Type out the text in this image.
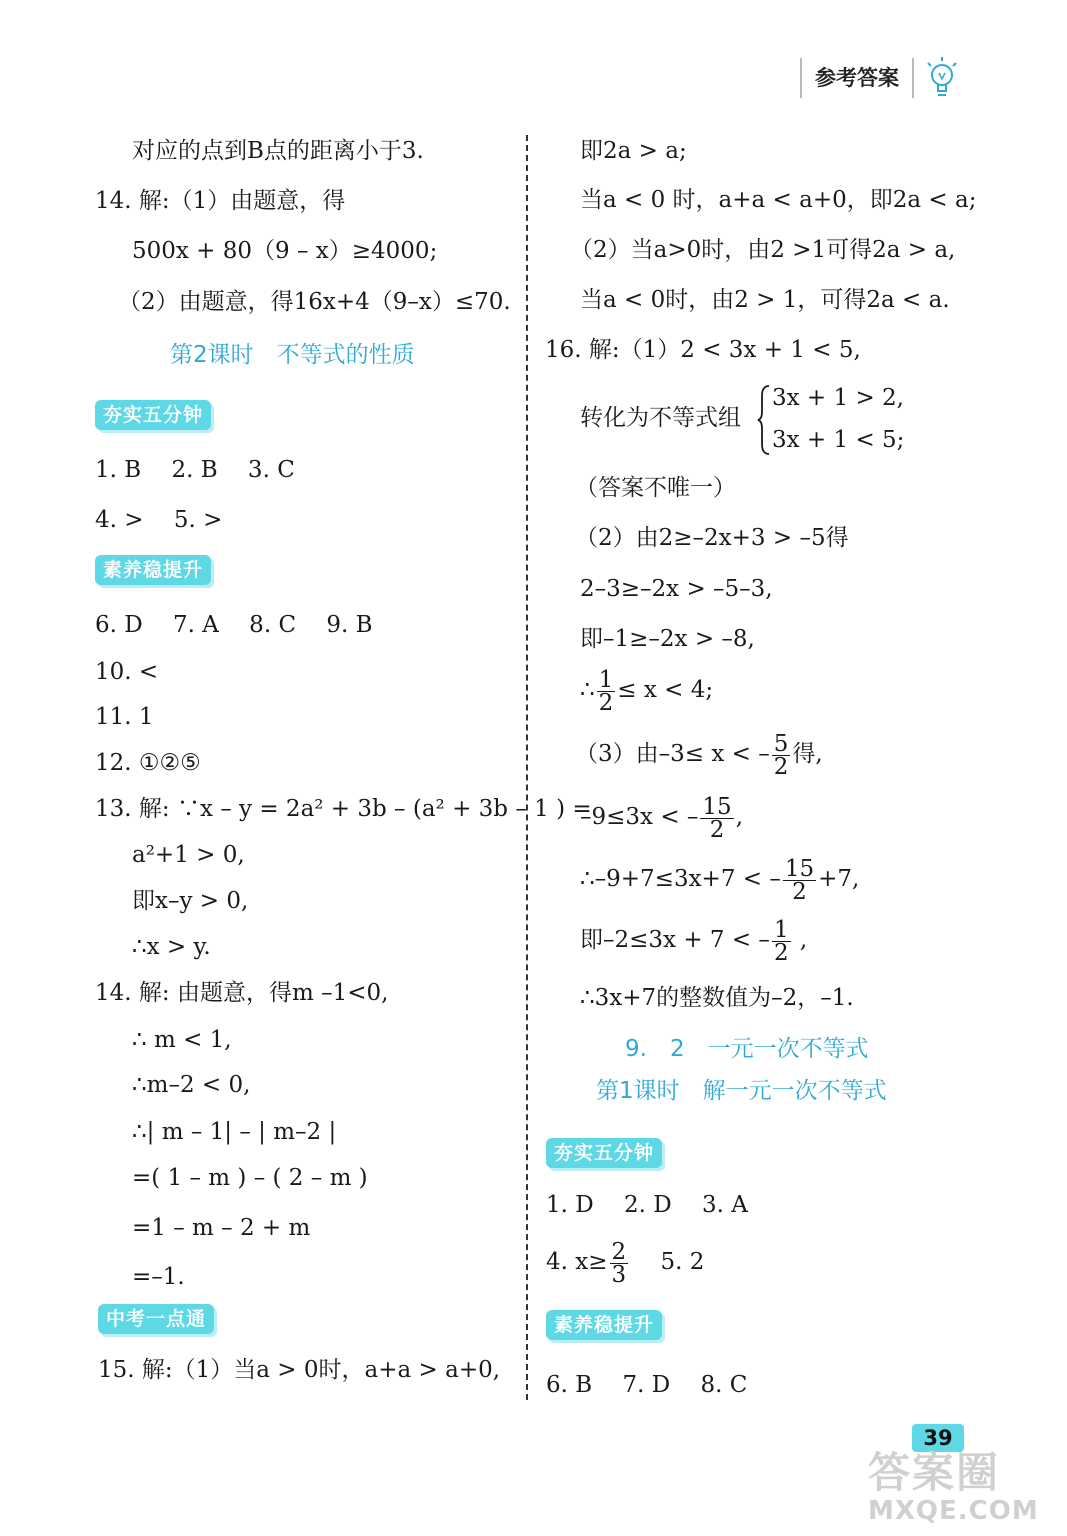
参考答案
对应的点到B点的距离小于3.
14. 解:（1）由题意，得
500x + 80（9 – x）≥4000;
（2）由题意，得16x+4（9–x）≤70.
第2课时　不等式的性质
夯实五分钟
1. B　 2. B　 3. C
4. >　 5. >
素养稳提升
6. D　 7. A　 8. C　 9. B
10. <
11. 1
12. ①②⑤
13. 解: ∵x – y = 2a² + 3b – (a² + 3b – 1 ) =
a²+1 > 0,
即x–y > 0,
∴x > y.
14. 解: 由题意，得m –1<0,
∴ m < 1,
∴m–2 < 0,
∴| m – 1| – | m–2 |
=( 1 – m ) – ( 2 – m )
=1 – m – 2 + m
=–1.
中考一点通
15. 解:（1）当a > 0时，a+a > a+0,
即2a > a;
当a < 0 时，a+a < a+0，即2a < a;
（2）当a>0时，由2 >1可得2a > a,
当a < 0时，由2 > 1，可得2a < a.
16. 解:（1）2 < 3x + 1 < 5,
转化为不等式组
3x + 1 > 2,
3x + 1 < 5;
（答案不唯一）
（2）由2≥–2x+3 > –5得
2–3≥–2x > –5–3,
即–1≥–2x > –8,
∴ $\frac{1}{2} \le x < 4$;
（3）由–3≤ x < – $\frac{5}{2}$ 得,
–9≤3x < – $\frac{15}{2}$ ,
∴–9+7≤3x+7 < – $\frac{15}{2} +7$,
即–2≤3x + 7 < – $\frac{1}{2}$ ,
∴3x+7的整数值为–2，–1.
9.　2　一元一次不等式
第1课时　解一元一次不等式
夯实五分钟
1. D　 2. D　 3. A
4. $x\ge \frac{2}{3}$ 　 5. 2
素养稳提升
6. B　 7. D　 8. C
39
答案圈
MXQE.COM
